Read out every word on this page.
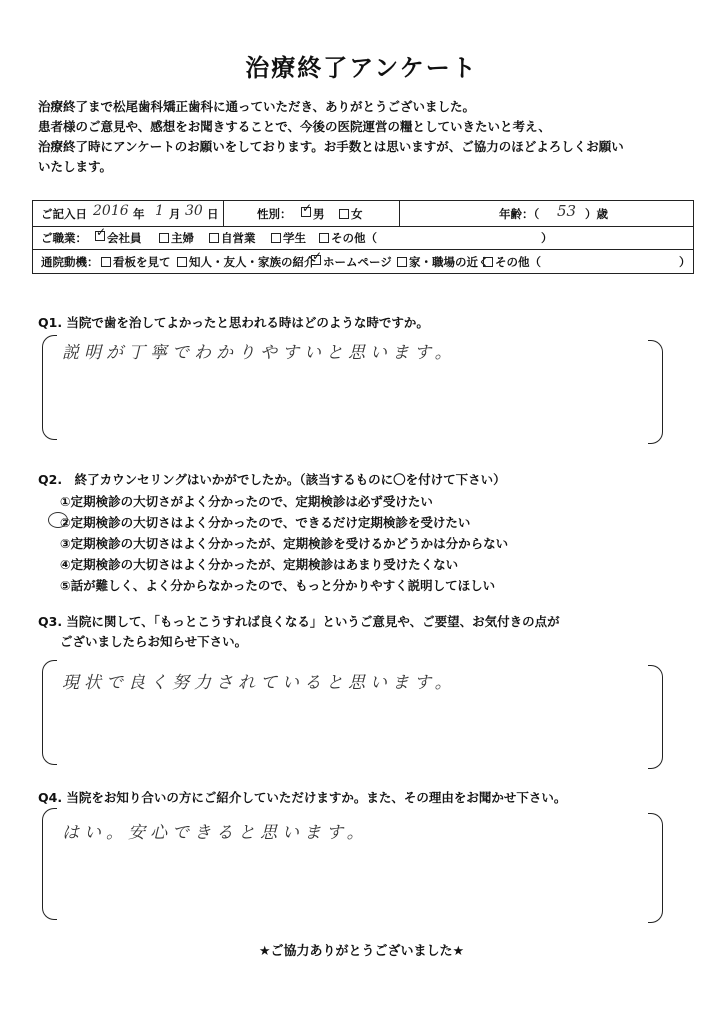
治療終了アンケート

治療終了まで松尾歯科矯正歯科に通っていただき、ありがとうございました。

患者様のご意見や、感想をお聞きすることで、今後の医院運営の糧としていきたいと考え、

治療終了時にアンケートのお願いをしております。お手数とは思いますが、ご協力のほどよろしくお願い

いたします。

ご記入日 2016 年 1 月 30 日	性別： ✓	男	女	年齢：（ 53 ）歳
ご職業： ✓	会社員	主婦	自営業	学生	その他（	）
通院動機：	看板を見て	知人・友人・家族の紹介 ✓ ホームページ	家・職場の近く その他（	）
Q1. 当院で歯を治してよかったと思われる時はどのような時ですか。
説明が丁寧でわかりやすいと思います。
Q2.　終了カウンセリングはいかがでしたか。（該当するものに〇を付けて下さい）
①定期検診の大切さがよく分かったので、定期検診は必ず受けたい
②定期検診の大切さはよく分かったので、できるだけ定期検診を受けたい
③定期検診の大切さはよく分かったが、定期検診を受けるかどうかは分からない
④定期検診の大切さはよく分かったが、定期検診はあまり受けたくない
⑤話が難しく、よく分からなかったので、もっと分かりやすく説明してほしい
Q3. 当院に関して、「もっとこうすれば良くなる」というご意見や、ご要望、お気付きの点が
ございましたらお知らせ下さい。
現状で良く努力されていると思います。
Q4. 当院をお知り合いの方にご紹介していただけますか。また、その理由をお聞かせ下さい。
はい。安心できると思います。
★ご協力ありがとうございました★
